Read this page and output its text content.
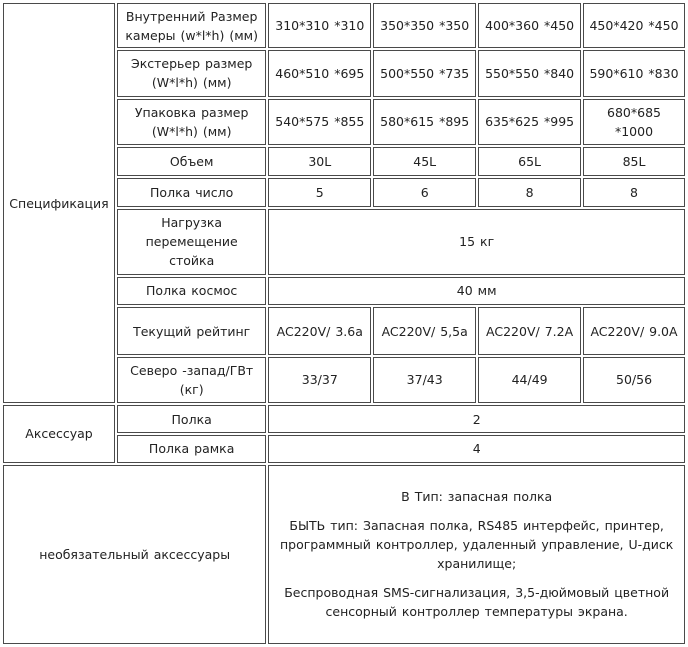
Спецификация	Внутренний Размер камеры (w*l*h) (мм)	310*310 *310	350*350 *350	400*360 *450	450*420 *450
	Экстерьер размер (W*l*h) (мм)	460*510 *695	500*550 *735	550*550 *840	590*610 *830
	Упаковка размер (W*l*h) (мм)	540*575 *855	580*615 *895	635*625 *995	680*685 *1000
	Объем	30L	45L	65L	85L
	Полка число	5	6	8	8
	Нагрузка перемещение стойка	15 кг			
	Полка космос	40 мм			
	Текущий рейтинг	AC220V/ 3.6a	AC220V/ 5,5a	AC220V/ 7.2A	AC220V/ 9.0A
	Северо -запад/ГВт (кг)	33/37	37/43	44/49	50/56
Аксессуар	Полка	2			
	Полка рамка	4			
необязательный аксессуары		В Тип: запасная полка

БЫТЬ тип: Запасная полка, RS485 интерфейс, принтер, программный контроллер, удаленный управление, U-диск хранилище;

Беспроводная SMS-сигнализация, 3,5-дюймовый цветной сенсорный контроллер температуры экрана.			
